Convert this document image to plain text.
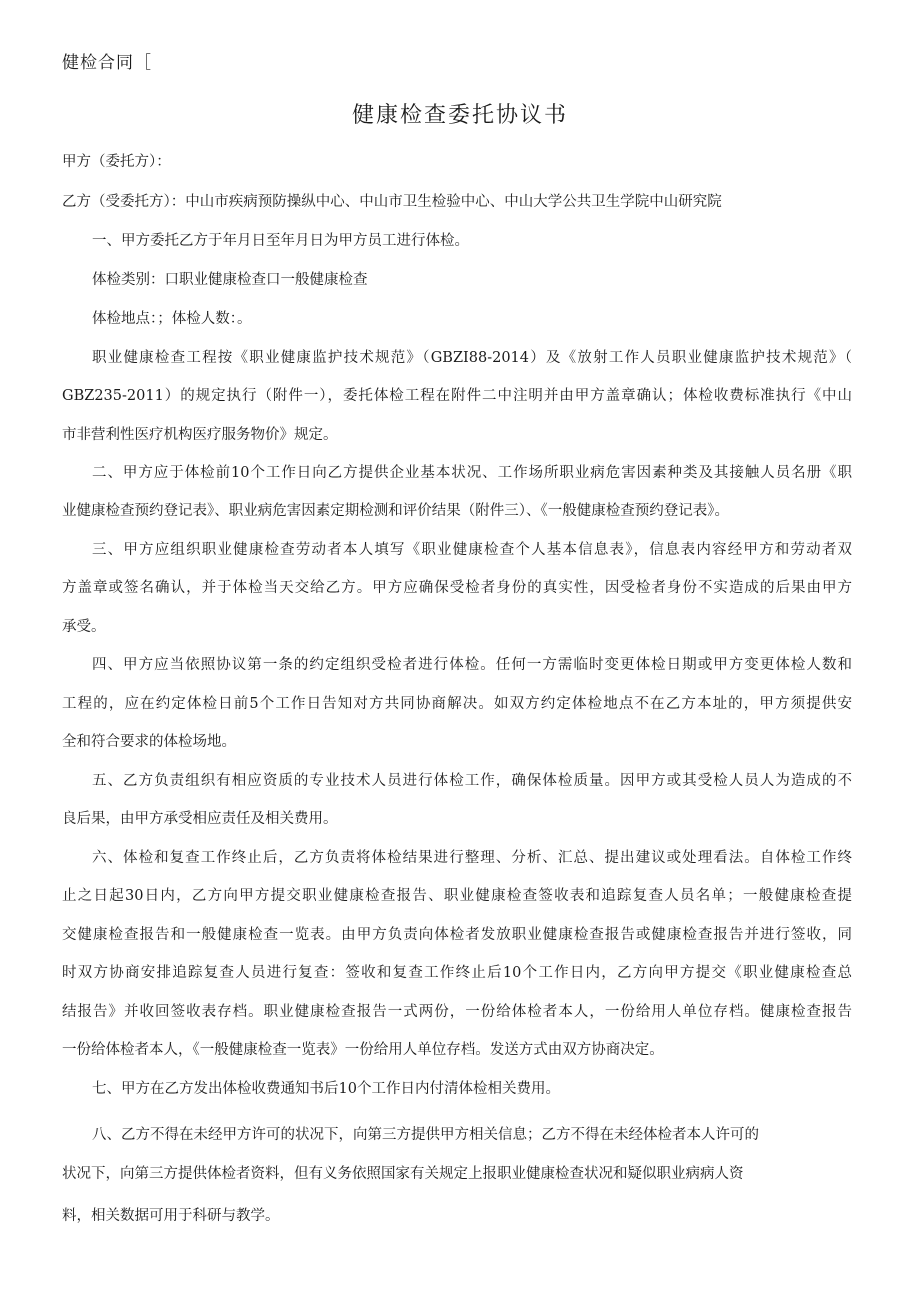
健检合同［
健康检查委托协议书
甲方（委托方）：
乙方（受委托方）：中山市疾病预防操纵中心、中山市卫生检验中心、中山大学公共卫生学院中山研究院
一、甲方委托乙方于年月日至年月日为甲方员工进行体检。
体检类别：口职业健康检查口一般健康检查
体检地点：；体检人数：。
职业健康检查工程按《职业健康监护技术规范》（GBZI88-2014）及《放射工作人员职业健康监护技术规范》（
GBZ235-2011）的规定执行（附件一），委托体检工程在附件二中注明并由甲方盖章确认；体检收费标准执行《中山
市非营利性医疗机构医疗服务物价》规定。
二、甲方应于体检前10个工作日向乙方提供企业基本状况、工作场所职业病危害因素种类及其接触人员名册《职
业健康检查预约登记表》、职业病危害因素定期检测和评价结果（附件三）、《一般健康检查预约登记表》。
三、甲方应组织职业健康检查劳动者本人填写《职业健康检查个人基本信息表》，信息表内容经甲方和劳动者双
方盖章或签名确认，并于体检当天交给乙方。甲方应确保受检者身份的真实性，因受检者身份不实造成的后果由甲方
承受。
四、甲方应当依照协议第一条的约定组织受检者进行体检。任何一方需临时变更体检日期或甲方变更体检人数和
工程的，应在约定体检日前5个工作日告知对方共同协商解决。如双方约定体检地点不在乙方本址的，甲方须提供安
全和符合要求的体检场地。
五、乙方负责组织有相应资质的专业技术人员进行体检工作，确保体检质量。因甲方或其受检人员人为造成的不
良后果，由甲方承受相应责任及相关费用。
六、体检和复查工作终止后，乙方负责将体检结果进行整理、分析、汇总、提出建议或处理看法。自体检工作终
止之日起30日内，乙方向甲方提交职业健康检查报告、职业健康检查签收表和追踪复查人员名单；一般健康检查提
交健康检查报告和一般健康检查一览表。由甲方负责向体检者发放职业健康检查报告或健康检查报告并进行签收，同
时双方协商安排追踪复查人员进行复查：签收和复查工作终止后10个工作日内，乙方向甲方提交《职业健康检查总
结报告》并收回签收表存档。职业健康检查报告一式两份，一份给体检者本人，一份给用人单位存档。健康检查报告
一份给体检者本人，《一般健康检查一览表》一份给用人单位存档。发送方式由双方协商决定。
七、甲方在乙方发出体检收费通知书后10个工作日内付清体检相关费用。
八、乙方不得在未经甲方许可的状况下，向第三方提供甲方相关信息；乙方不得在未经体检者本人许可的
状况下，向第三方提供体检者资料，但有义务依照国家有关规定上报职业健康检查状况和疑似职业病病人资
料，相关数据可用于科研与教学。
